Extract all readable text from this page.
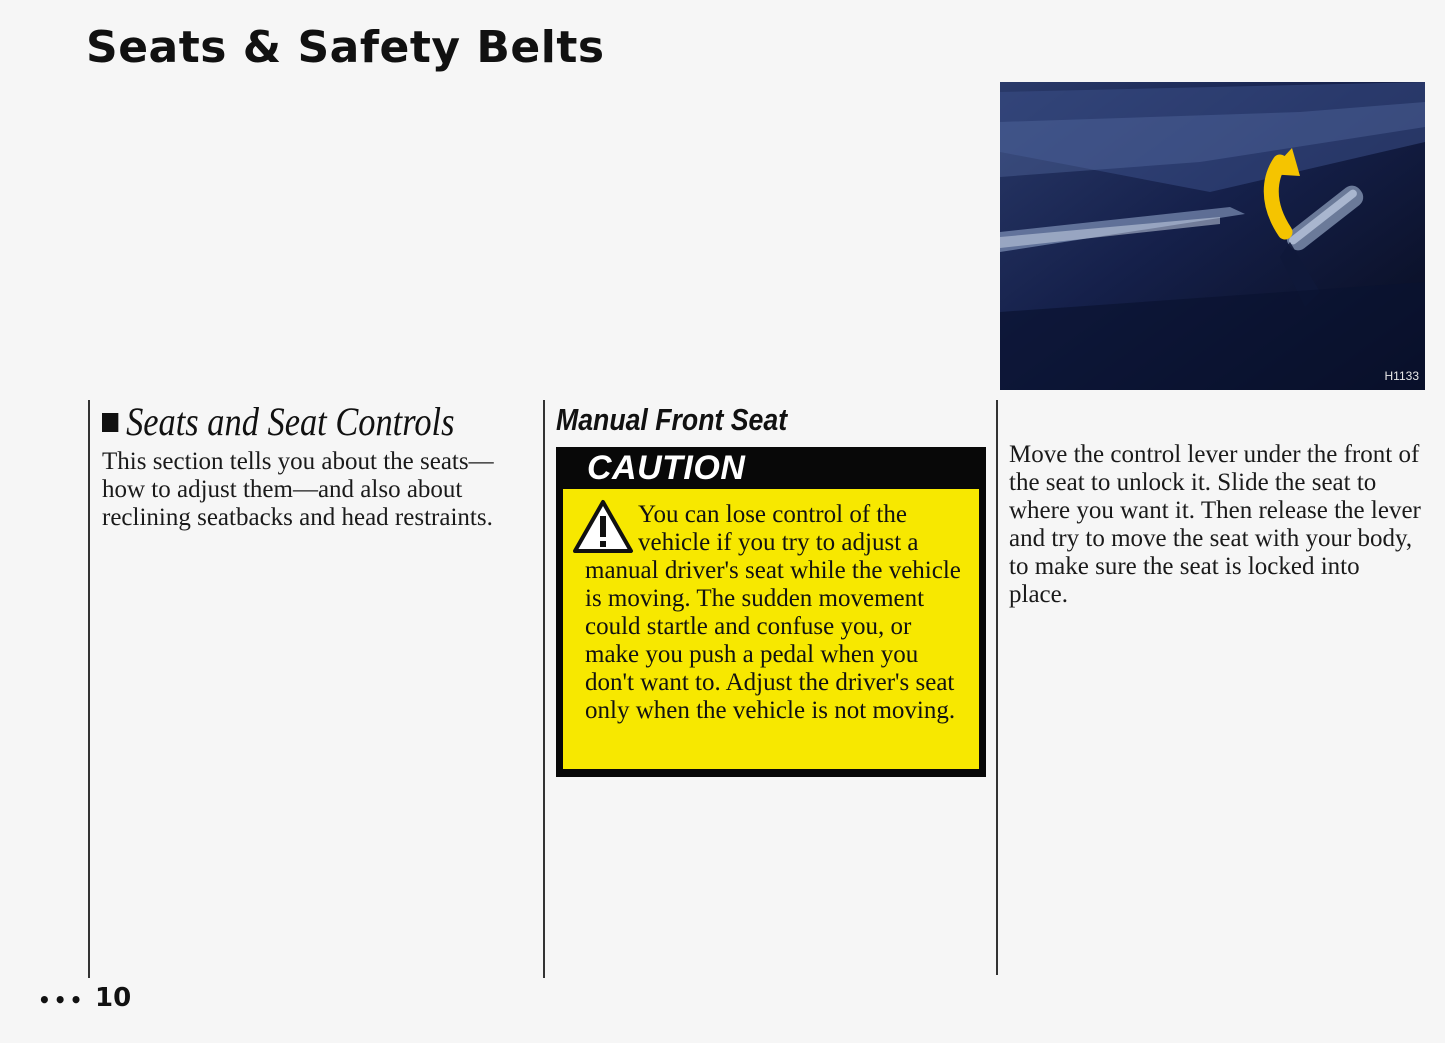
Seats & Safety Belts
Seats and Seat Controls

This section tells you about the seats—how to adjust them—and also about reclining seatbacks and head restraints.

Manual Front Seat
CAUTION

You can lose control of the vehicle if you try to adjust a manual driver's seat while the vehicle is moving. The sudden movement could startle and confuse you, or make you push a pedal when you don't want to. Adjust the driver's seat only when the vehicle is not moving.

H1133

Move the control lever under the front of the seat to unlock it. Slide the seat to where you want it. Then release the lever and try to move the seat with your body, to make sure the seat is locked into place.

••• 10
